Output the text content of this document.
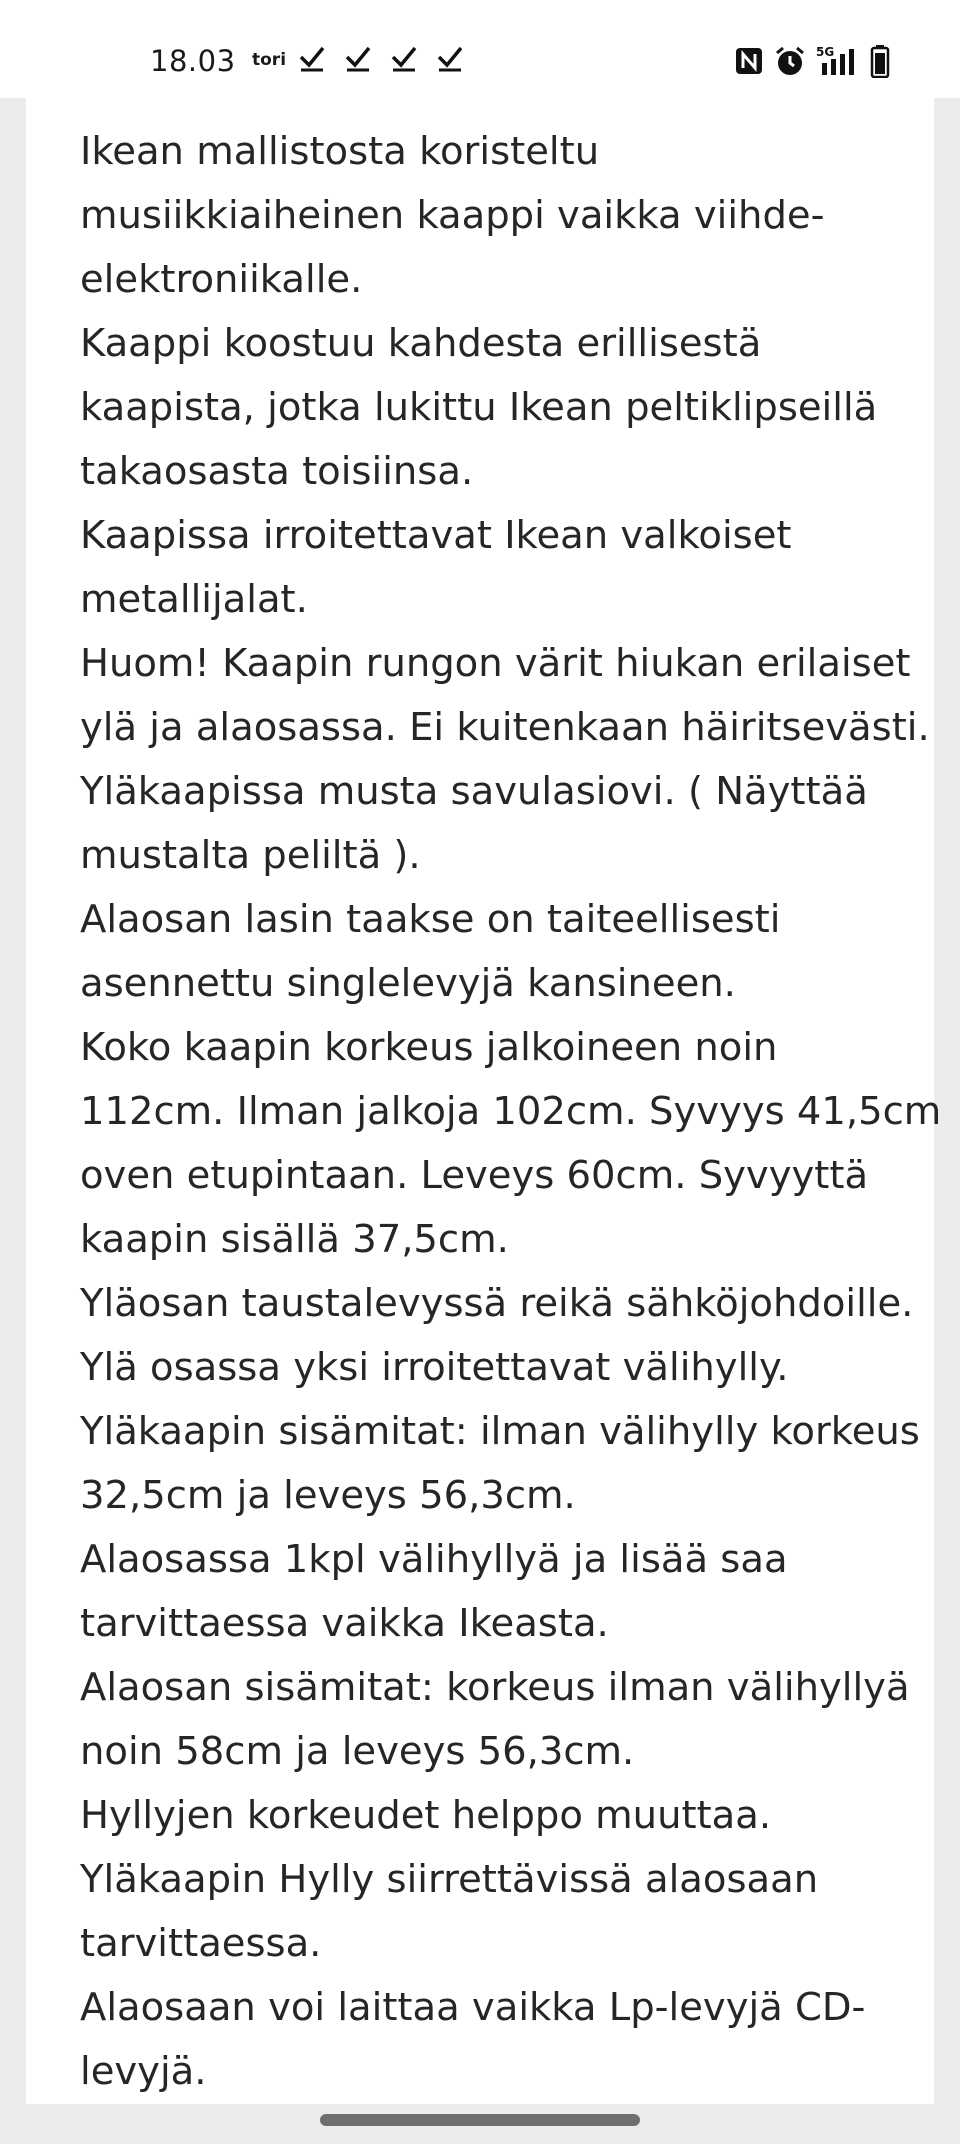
18.03 tori	5G

Ikean mallistosta koristeltu
musiikkiaiheinen kaappi vaikka viihde-
elektroniikalle.
Kaappi koostuu kahdesta erillisestä
kaapista, jotka lukittu Ikean peltiklipseillä
takaosasta toisiinsa.
Kaapissa irroitettavat Ikean valkoiset
metallijalat.
Huom! Kaapin rungon värit hiukan erilaiset
ylä ja alaosassa. Ei kuitenkaan häiritsevästi.
Yläkaapissa musta savulasiovi. ( Näyttää
mustalta peliltä ).
Alaosan lasin taakse on taiteellisesti
asennettu singlelevyjä kansineen.
Koko kaapin korkeus jalkoineen noin
112cm. Ilman jalkoja 102cm. Syvyys 41,5cm
oven etupintaan. Leveys 60cm. Syvyyttä
kaapin sisällä 37,5cm.
Yläosan taustalevyssä reikä sähköjohdoille.
Ylä osassa yksi irroitettavat välihylly.
Yläkaapin sisämitat: ilman välihylly korkeus
32,5cm ja leveys 56,3cm.
Alaosassa 1kpl välihyllyä ja lisää saa
tarvittaessa vaikka Ikeasta.
Alaosan sisämitat: korkeus ilman välihyllyä
noin 58cm ja leveys 56,3cm.
Hyllyjen korkeudet helppo muuttaa.
Yläkaapin Hylly siirrettävissä alaosaan
tarvittaessa.
Alaosaan voi laittaa vaikka Lp-levyjä CD-
levyjä.
